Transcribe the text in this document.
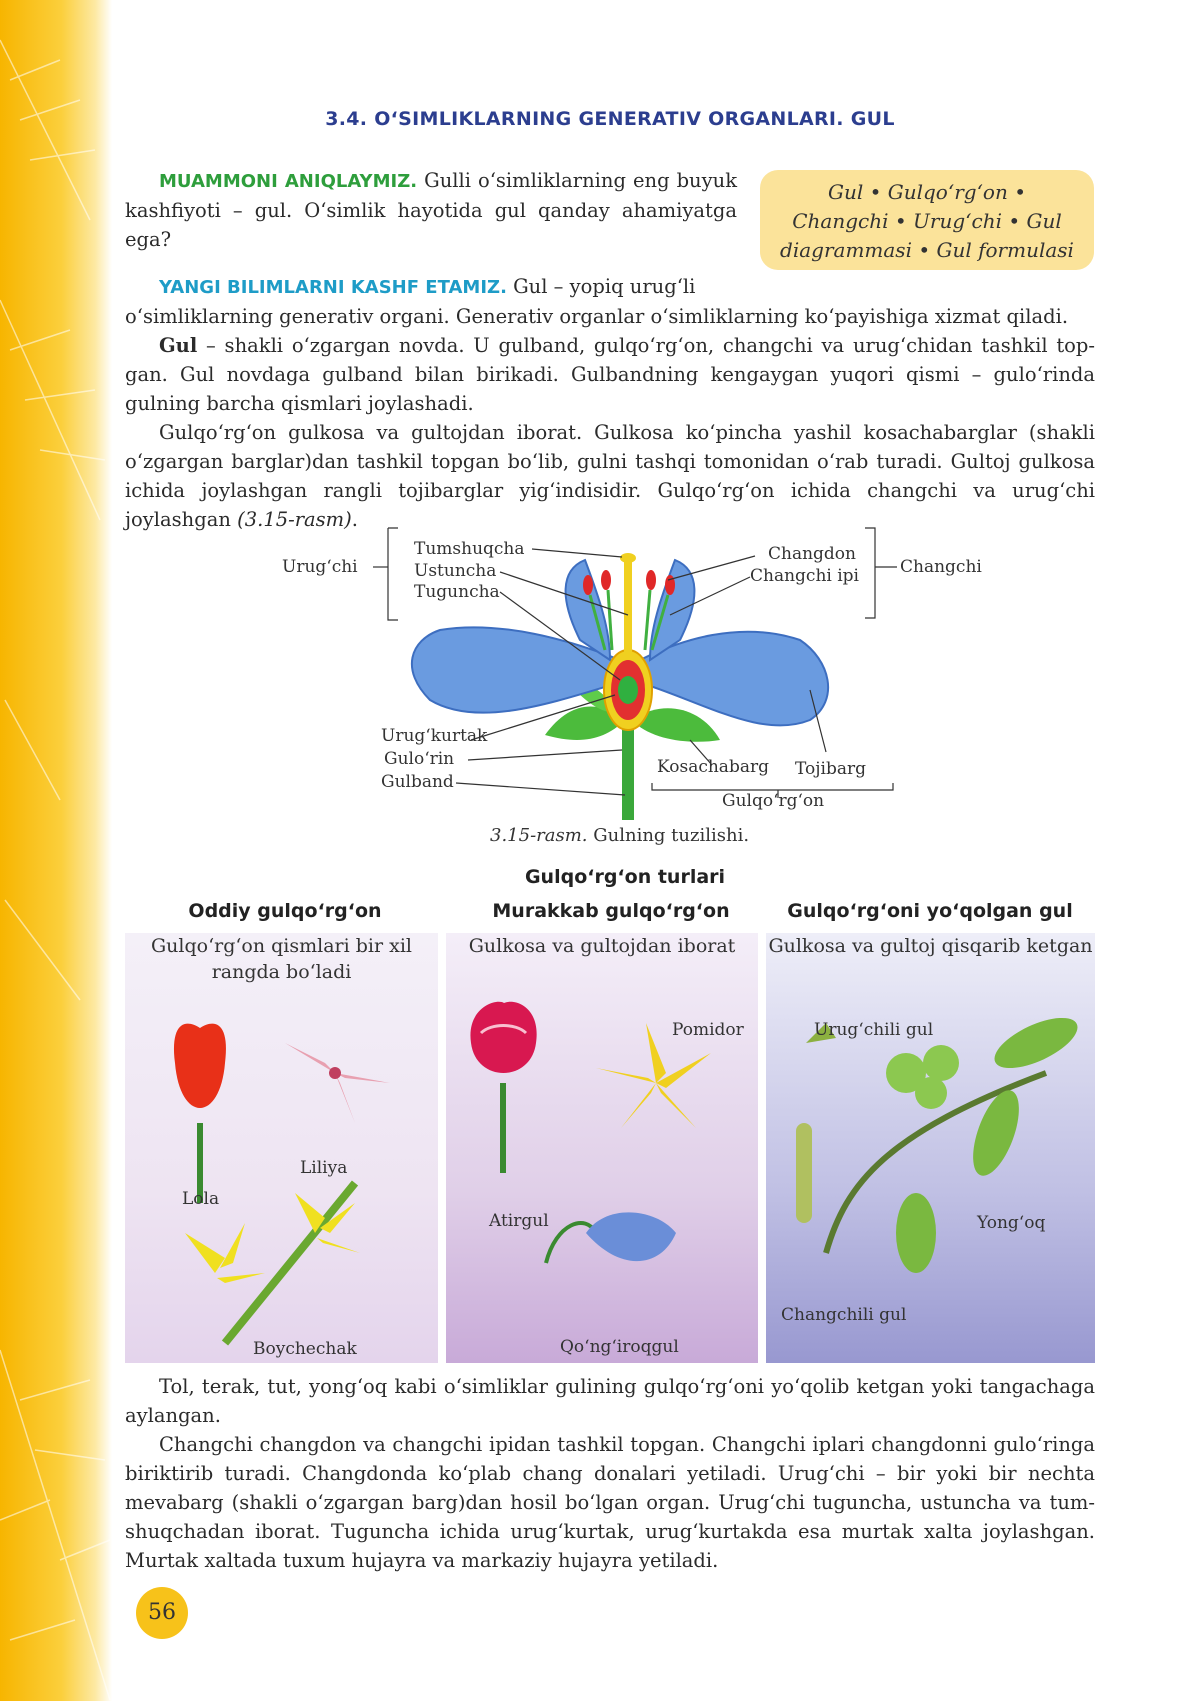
3.4. O‘SIMLIKLARNING GENERATIV ORGANLARI. GUL
Gul • Gulqo‘rg‘on •
Changchi • Urug‘chi • Gul
diagrammasi • Gul formulasi

MUAMMONI ANIQLAYMIZ. Gulli o‘simliklarning eng buyuk kashfiyoti – gul. O‘simlik hayotida gul qanday ahamiyatga ega?

YANGI BILIMLARNI KASHF ETAMIZ. Gul – yopiq urug‘li

o‘simliklarning generativ organi. Generativ organlar o‘simliklarning ko‘payishiga xizmat qiladi.

Gul – shakli o‘zgargan novda. U gulband, gulqo‘rg‘on, changchi va urug‘chidan tashkil topgan. Gul novdaga gulband bilan birikadi. Gulbandning kengaygan yuqori qismi – gulo‘rinda gulning barcha qismlari joylashadi.

Gulqo‘rg‘on gulkosa va gultojdan iborat. Gulkosa ko‘pincha yashil kosachabarglar (shakli o‘zgargan barglar)dan tashkil topgan bo‘lib, gulni tashqi tomonidan o‘rab turadi. Gultoj gulkosa ichida joylashgan rangli tojibarglar yig‘indisidir. Gulqo‘rg‘on ichida changchi va urug‘chi joylashgan (3.15-rasm).

Urug‘chi
Tumshuqcha
Ustuncha
Tuguncha
Changdon
Changchi ipi Changchi
Urug‘kurtak
Gulo‘rin
Gulband
Kosachabarg Tojibarg
Gulqo‘rg‘on
3.15-rasm. Gulning tuzilishi.
Gulqo‘rg‘on turlari
Oddiy gulqo‘rg‘on	Murakkab gulqo‘rg‘on	Gulqo‘rg‘oni yo‘qolgan gul
Gulqo‘rg‘on qismlari bir xil rangda bo‘ladi
Liliya
Lola
Boychechak
Gulkosa va gultojdan iborat
Pomidor
Atirgul
Qo‘ng‘iroqgul
Gulkosa va gultoj qisqarib ketgan
Urug‘chili gul
Yong‘oq
Changchili gul

Tol, terak, tut, yong‘oq kabi o‘simliklar gulining gulqo‘rg‘oni yo‘qolib ketgan yoki tangachaga aylangan.

Changchi changdon va changchi ipidan tashkil topgan. Changchi iplari changdonni gulo‘ringa biriktirib turadi. Changdonda ko‘plab chang donalari yetiladi. Urug‘chi – bir yoki bir nechta mevabarg (shakli o‘zgargan barg)dan hosil bo‘lgan organ. Urug‘chi tuguncha, ustuncha va tumshuqchadan iborat. Tuguncha ichida urug‘kurtak, urug‘kurtakda esa murtak xalta joylashgan. Murtak xaltada tuxum hujayra va markaziy hujayra yetiladi.

56
